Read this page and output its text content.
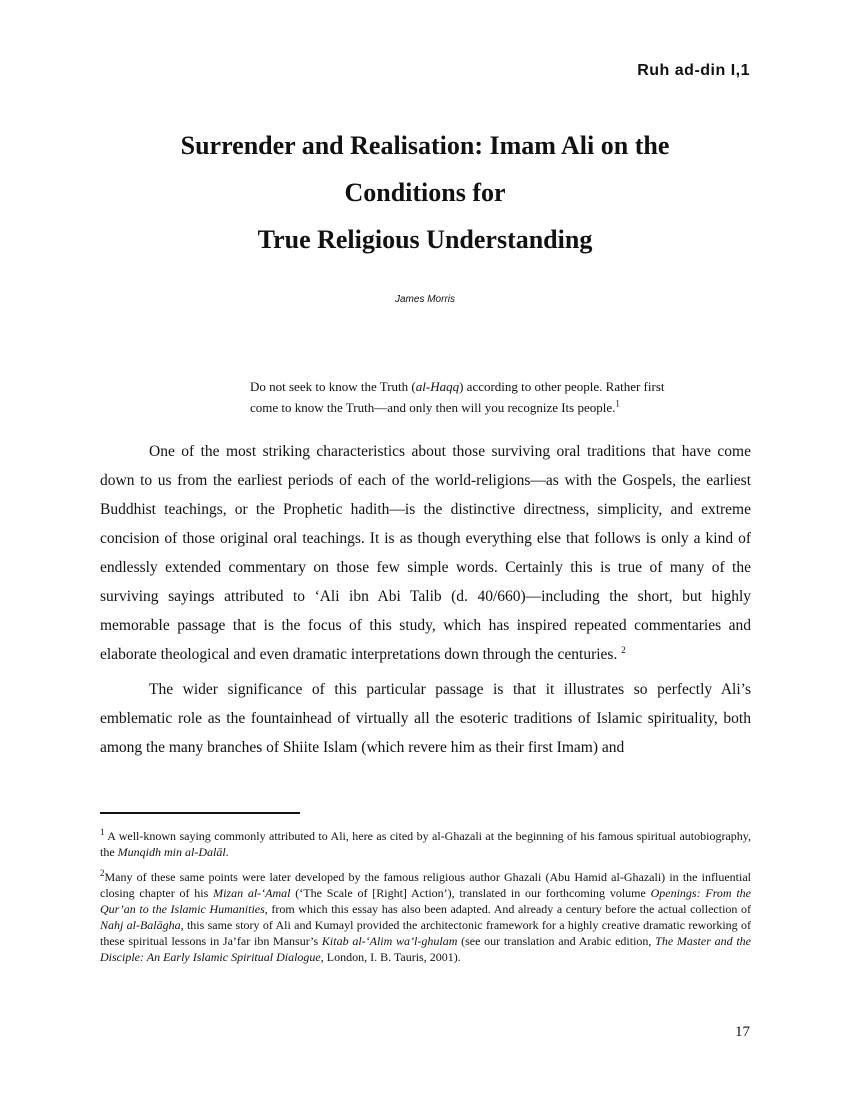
Ruh ad-din I,1
Surrender and Realisation: Imam Ali on the
Conditions for
True Religious Understanding
James Morris
Do not seek to know the Truth (al-Haqq) according to other people. Rather first
come to know the Truth—and only then will you recognize Its people.$^1$

One of the most striking characteristics about those surviving oral traditions that have come down to us from the earliest periods of each of the world-religions—as with the Gospels, the earliest Buddhist teachings, or the Prophetic hadith—is the distinctive directness, simplicity, and extreme concision of those original oral teachings. It is as though everything else that follows is only a kind of endlessly extended commentary on those few simple words. Certainly this is true of many of the surviving sayings attributed to ‘Ali ibn Abi Talib (d. 40/660)—including the short, but highly memorable passage that is the focus of this study, which has inspired repeated commentaries and elaborate theological and even dramatic interpretations down through the centuries. $^2$

The wider significance of this particular passage is that it illustrates so perfectly Ali’s emblematic role as the fountainhead of virtually all the esoteric traditions of Islamic spirituality, both among the many branches of Shiite Islam (which revere him as their first Imam) and

$^1$ A well-known saying commonly attributed to Ali, here as cited by al-Ghazali at the beginning of his famous spiritual autobiography, the Munqidh min al-Dalāl.

$^2$Many of these same points were later developed by the famous religious author Ghazali (Abu Hamid al-Ghazali) in the influential closing chapter of his Mizan al-‘Amal (‘The Scale of [Right] Action’), translated in our forthcoming volume Openings: From the Qur’an to the Islamic Humanities, from which this essay has also been adapted. And already a century before the actual collection of Nahj al-Balāgha, this same story of Ali and Kumayl provided the architectonic framework for a highly creative dramatic reworking of these spiritual lessons in Ja’far ibn Mansur’s Kitab al-‘Alim wa’l-ghulam (see our translation and Arabic edition, The Master and the Disciple: An Early Islamic Spiritual Dialogue, London, I. B. Tauris, 2001).

17
